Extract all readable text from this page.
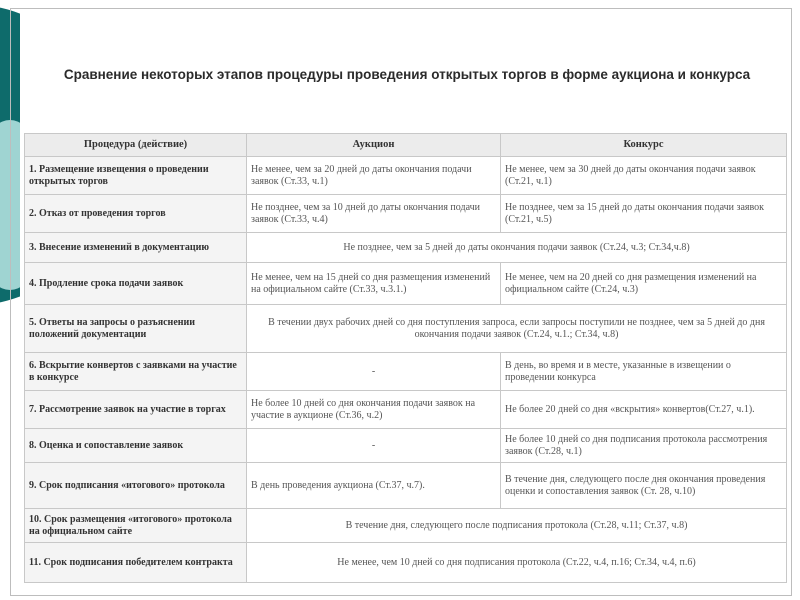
Сравнение некоторых этапов процедуры проведения открытых торгов в форме аукциона и конкурса
Процедура (действие)	Аукцион	Конкурс
1. Размещение извещения о проведении открытых торгов	Не менее, чем за 20 дней до даты окончания подачи заявок (Ст.33, ч.1)	Не менее, чем за 30 дней до даты окончания подачи заявок (Ст.21, ч.1)
2. Отказ от проведения торгов	Не позднее, чем за 10 дней до даты окончания подачи заявок (Ст.33, ч.4)	Не позднее, чем за 15 дней до даты окончания подачи заявок (Ст.21, ч.5)
3. Внесение изменений в документацию	Не позднее, чем за 5 дней до даты окончания подачи заявок (Ст.24, ч.3; Ст.34,ч.8)	
4. Продление срока подачи заявок	Не менее, чем на 15 дней со дня размещения изменений на официальном сайте (Ст.33, ч.3.1.)	Не менее, чем на 20 дней со дня размещения изменений на официальном сайте (Ст.24, ч.3)
5. Ответы на запросы о разъяснении положений документации	В течении двух рабочих дней со дня поступления запроса, если запросы поступили не позднее, чем за 5 дней до дня окончания подачи заявок (Ст.24, ч.1.; Ст.34, ч.8)	
6. Вскрытие конвертов с заявками на участие в конкурсе	-	В день, во время и в месте, указанные в извещении о проведении конкурса
7. Рассмотрение заявок на участие в торгах	Не более 10 дней со дня окончания подачи заявок на участие в аукционе (Ст.36, ч.2)	Не более 20 дней со дня «вскрытия» конвертов(Ст.27, ч.1).
8. Оценка и сопоставление заявок	-	Не более 10 дней со дня подписания протокола рассмотрения заявок (Ст.28, ч.1)
9. Срок подписания «итогового» протокола	В день проведения аукциона (Ст.37, ч.7).	В течение дня, следующего после дня окончания проведения оценки и сопоставления заявок (Ст. 28, ч.10)
10. Срок размещения «итогового» протокола на официальном сайте	В течение дня, следующего после подписания протокола (Ст.28, ч.11; Ст.37, ч.8)	
11. Срок подписания победителем контракта	Не менее, чем 10 дней со дня подписания протокола (Ст.22, ч.4, п.16; Ст.34, ч.4, п.6)	
